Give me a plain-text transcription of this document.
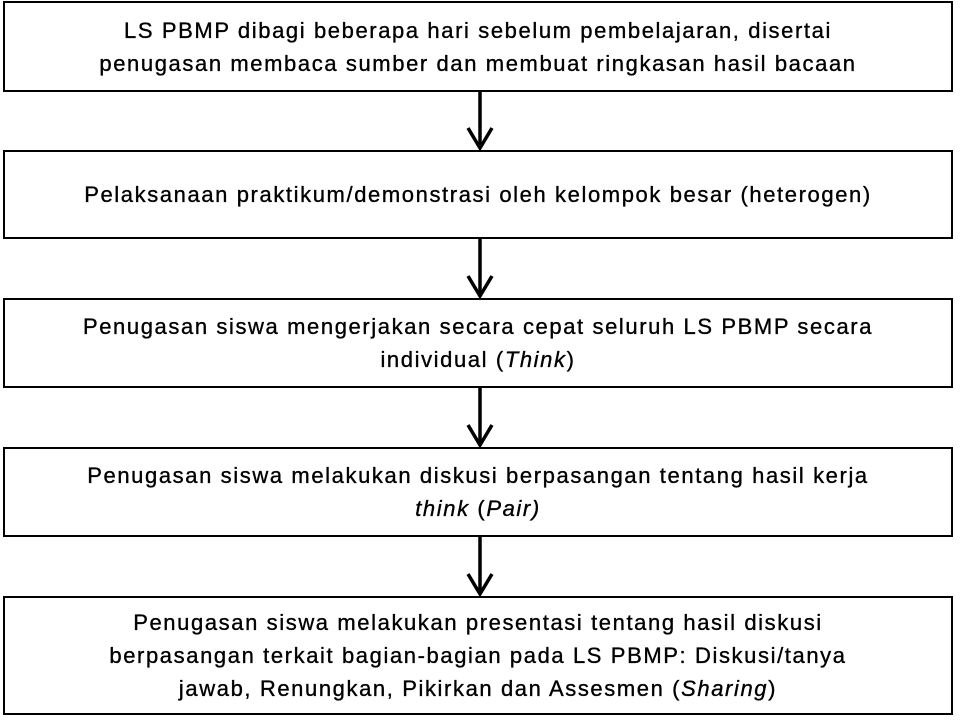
LS PBMP dibagi beberapa hari sebelum pembelajaran, disertai
penugasan membaca sumber dan membuat ringkasan hasil bacaan
Pelaksanaan praktikum/demonstrasi oleh kelompok besar (heterogen)
Penugasan siswa mengerjakan secara cepat seluruh LS PBMP secara
individual (Think)
Penugasan siswa melakukan diskusi berpasangan tentang hasil kerja
think (Pair)
Penugasan siswa melakukan presentasi tentang hasil diskusi
berpasangan terkait bagian-bagian pada LS PBMP: Diskusi/tanya
jawab, Renungkan, Pikirkan dan Assesmen (Sharing)
